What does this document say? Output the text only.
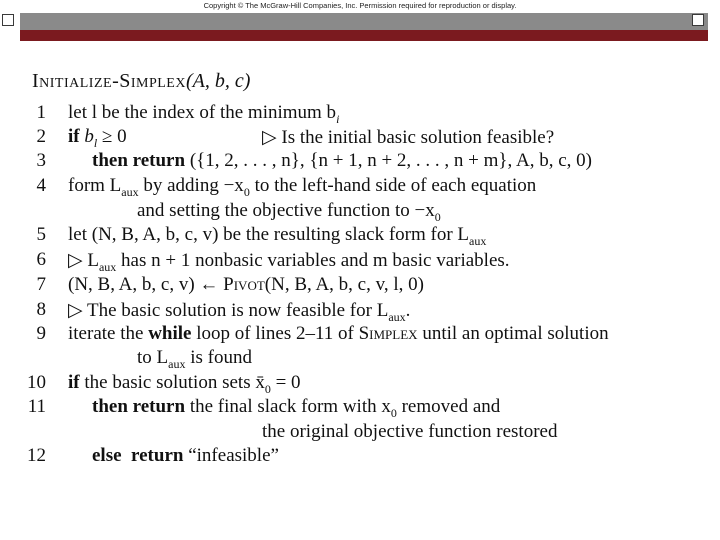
Copyright © The McGraw-Hill Companies, Inc. Permission required for reproduction or display.
Initialize-Simplex(A, b, c)
1 let l be the index of the minimum $b_i$
2 if $b_l \ge 0$	▷ Is the initial basic solution feasible?
3 then return ({1, 2, . . . , n}, {n + 1, n + 2, . . . , n + m}, A, b, c, 0)
4 form $L_{aux}$ by adding $-x_0$ to the left-hand side of each equation
and setting the objective function to $-x_0$
5 let (N, B, A, b, c, v) be the resulting slack form for $L_{aux}$
6 ▷ $L_{aux}$ has n + 1 nonbasic variables and m basic variables.
7 (N, B, A, b, c, v) ← Pivot(N, B, A, b, c, v, l, 0)
8 ▷ The basic solution is now feasible for $L_{aux}$.
9 iterate the while loop of lines 2–11 of Simplex until an optimal solution
to $L_{aux}$ is found
10 if the basic solution sets $x̄_0 = 0$
11 then return the final slack form with $x_0$ removed and
the original objective function restored
12 else  return “infeasible”
